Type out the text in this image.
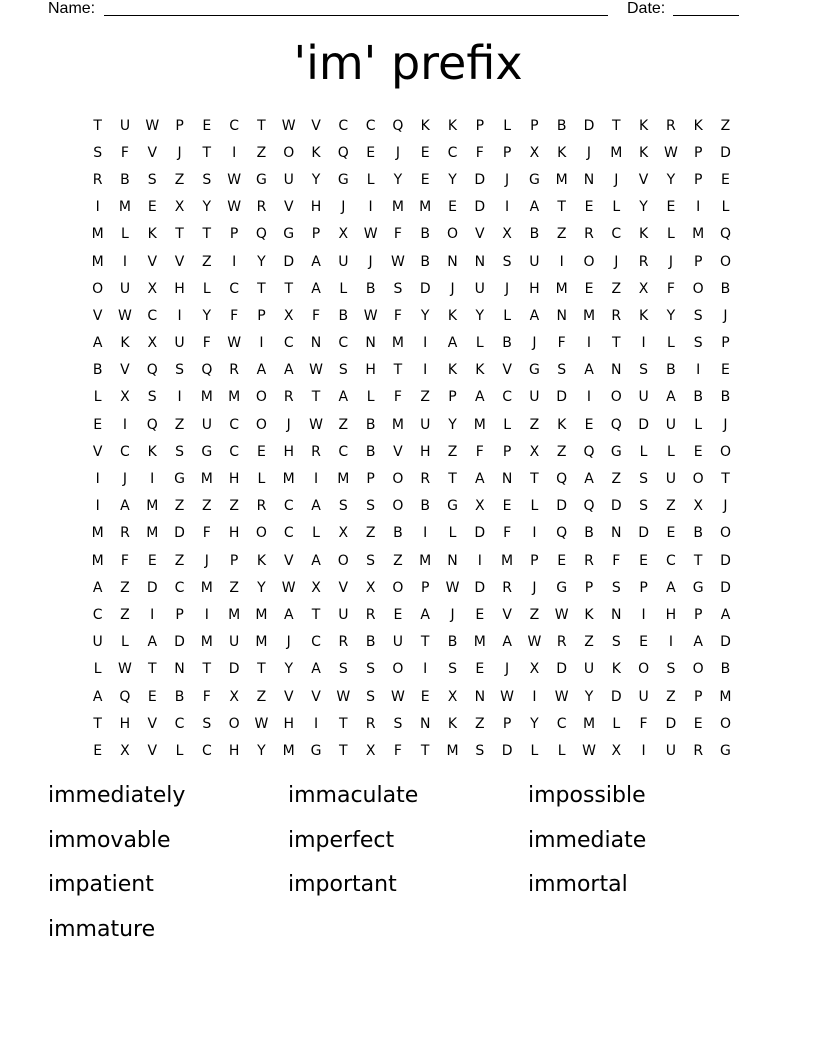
Name:	Date:
'im' prefix
T	U	W	P	E	C	T	W	V	C	C	Q	K	K	P	L	P	B	D	T	K	R	K	Z
S	F	V	J	T	I	Z	O	K	Q	E	J	E	C	F	P	X	K	J	M	K	W	P	D
R	B	S	Z	S	W	G	U	Y	G	L	Y	E	Y	D	J	G	M	N	J	V	Y	P	E
I	M	E	X	Y	W	R	V	H	J	I	M	M	E	D	I	A	T	E	L	Y	E	I	L
M	L	K	T	T	P	Q	G	P	X	W	F	B	O	V	X	B	Z	R	C	K	L	M	Q
M	I	V	V	Z	I	Y	D	A	U	J	W	B	N	N	S	U	I	O	J	R	J	P	O
O	U	X	H	L	C	T	T	A	L	B	S	D	J	U	J	H	M	E	Z	X	F	O	B
V	W	C	I	Y	F	P	X	F	B	W	F	Y	K	Y	L	A	N	M	R	K	Y	S	J
A	K	X	U	F	W	I	C	N	C	N	M	I	A	L	B	J	F	I	T	I	L	S	P
B	V	Q	S	Q	R	A	A	W	S	H	T	I	K	K	V	G	S	A	N	S	B	I	E
L	X	S	I	M	M	O	R	T	A	L	F	Z	P	A	C	U	D	I	O	U	A	B	B
E	I	Q	Z	U	C	O	J	W	Z	B	M	U	Y	M	L	Z	K	E	Q	D	U	L	J
V	C	K	S	G	C	E	H	R	C	B	V	H	Z	F	P	X	Z	Q	G	L	L	E	O
I	J	I	G	M	H	L	M	I	M	P	O	R	T	A	N	T	Q	A	Z	S	U	O	T
I	A	M	Z	Z	Z	R	C	A	S	S	O	B	G	X	E	L	D	Q	D	S	Z	X	J
M	R	M	D	F	H	O	C	L	X	Z	B	I	L	D	F	I	Q	B	N	D	E	B	O
M	F	E	Z	J	P	K	V	A	O	S	Z	M	N	I	M	P	E	R	F	E	C	T	D
A	Z	D	C	M	Z	Y	W	X	V	X	O	P	W	D	R	J	G	P	S	P	A	G	D
C	Z	I	P	I	M	M	A	T	U	R	E	A	J	E	V	Z	W	K	N	I	H	P	A
U	L	A	D	M	U	M	J	C	R	B	U	T	B	M	A	W	R	Z	S	E	I	A	D
L	W	T	N	T	D	T	Y	A	S	S	O	I	S	E	J	X	D	U	K	O	S	O	B
A	Q	E	B	F	X	Z	V	V	W	S	W	E	X	N	W	I	W	Y	D	U	Z	P	M
T	H	V	C	S	O	W	H	I	T	R	S	N	K	Z	P	Y	C	M	L	F	D	E	O
E	X	V	L	C	H	Y	M	G	T	X	F	T	M	S	D	L	L	W	X	I	U	R	G
immediately	immaculate	impossible
immovable	imperfect	immediate
impatient	important	immortal
immature
